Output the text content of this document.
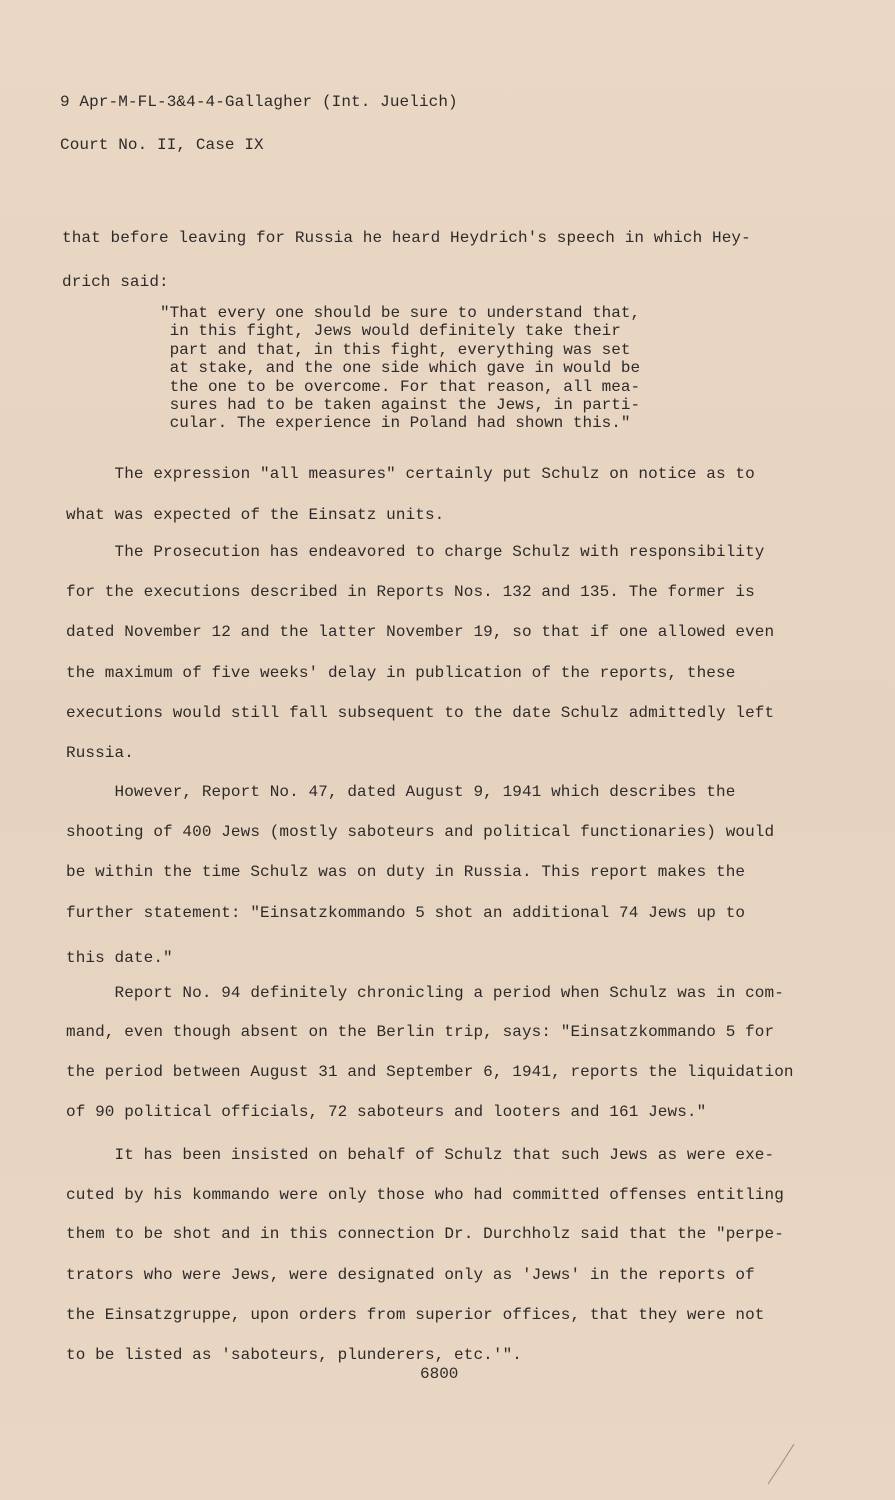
9 Apr-M-FL-3&4-4-Gallagher (Int. Juelich)
Court No. II, Case IX
that before leaving for Russia he heard Heydrich's speech in which Hey-
drich said:
"That every one should be sure to understand that,
in this fight, Jews would definitely take their
part and that, in this fight, everything was set
at stake, and the one side which gave in would be
the one to be overcome. For that reason, all mea-
sures had to be taken against the Jews, in parti-
cular. The experience in Poland had shown this."
The expression "all measures" certainly put Schulz on notice as to
what was expected of the Einsatz units.
The Prosecution has endeavored to charge Schulz with responsibility
for the executions described in Reports Nos. 132 and 135. The former is
dated November 12 and the latter November 19, so that if one allowed even
the maximum of five weeks' delay in publication of the reports, these
executions would still fall subsequent to the date Schulz admittedly left
Russia.
However, Report No. 47, dated August 9, 1941 which describes the
shooting of 400 Jews (mostly saboteurs and political functionaries) would
be within the time Schulz was on duty in Russia. This report makes the
further statement: "Einsatzkommando 5 shot an additional 74 Jews up to
this date."
Report No. 94 definitely chronicling a period when Schulz was in com-
mand, even though absent on the Berlin trip, says: "Einsatzkommando 5 for
the period between August 31 and September 6, 1941, reports the liquidation
of 90 political officials, 72 saboteurs and looters and 161 Jews."
It has been insisted on behalf of Schulz that such Jews as were exe-
cuted by his kommando were only those who had committed offenses entitling
them to be shot and in this connection Dr. Durchholz said that the "perpe-
trators who were Jews, were designated only as 'Jews' in the reports of
the Einsatzgruppe, upon orders from superior offices, that they were not
to be listed as 'saboteurs, plunderers, etc.'".
6800
